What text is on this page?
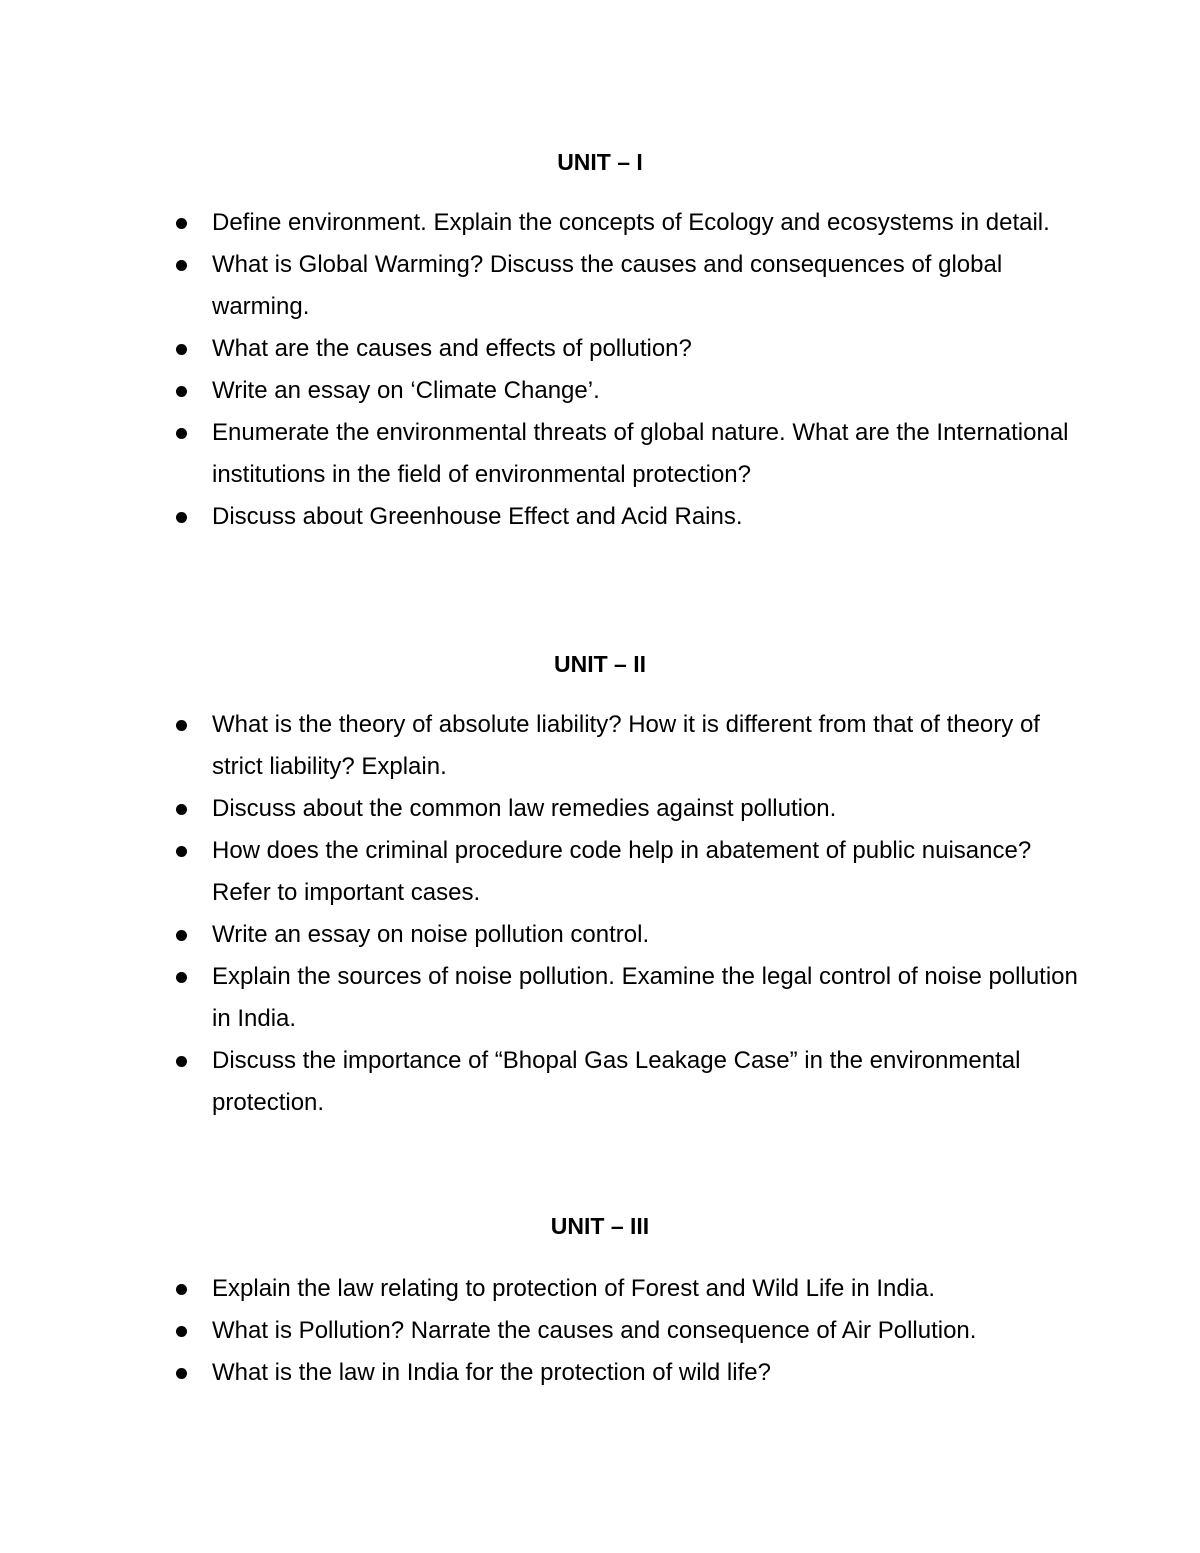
UNIT – I
Define environment. Explain the concepts of Ecology and ecosystems in detail.
What is Global Warming? Discuss the causes and consequences of global warming.
What are the causes and effects of pollution?
Write an essay on ‘Climate Change’.
Enumerate the environmental threats of global nature. What are the International institutions in the field of environmental protection?
Discuss about Greenhouse Effect and Acid Rains.
UNIT – II
What is the theory of absolute liability? How it is different from that of theory of strict liability? Explain.
Discuss about the common law remedies against pollution.
How does the criminal procedure code help in abatement of public nuisance? Refer to important cases.
Write an essay on noise pollution control.
Explain the sources of noise pollution. Examine the legal control of noise pollution in India.
Discuss the importance of “Bhopal Gas Leakage Case” in the environmental protection.
UNIT – III
Explain the law relating to protection of Forest and Wild Life in India.
What is Pollution? Narrate the causes and consequence of Air Pollution.
What is the law in India for the protection of wild life?
